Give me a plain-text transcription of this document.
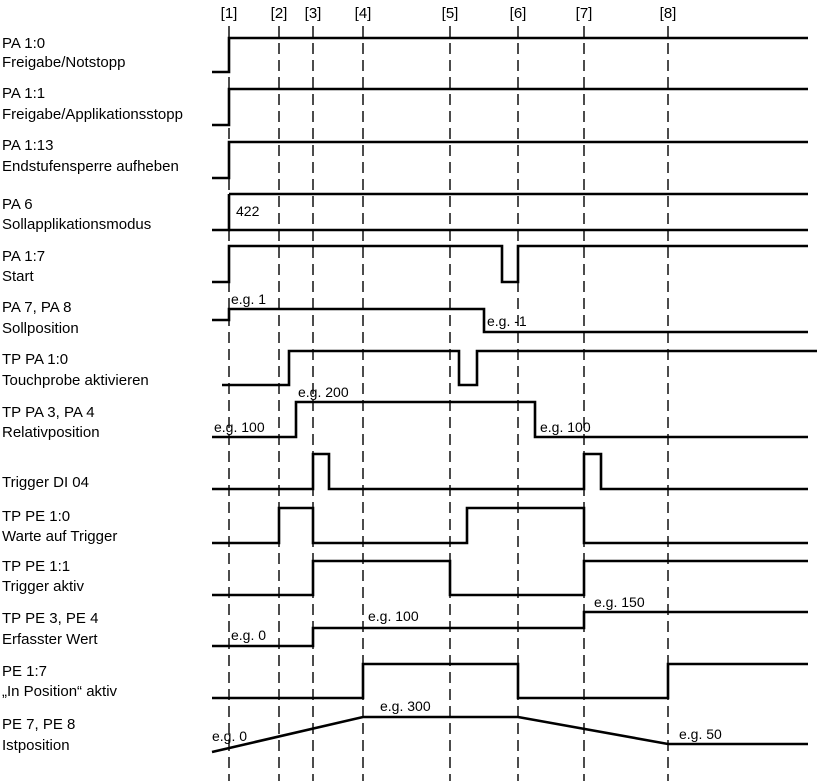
[1] [2] [3] [4]	[5]	[6]	[7]	[8]
PA 1:0
Freigabe/Notstopp
PA 1:1
Freigabe/Applikationsstopp
PA 1:13
Endstufensperre aufheben
PA 6
Sollapplikationsmodus
PA 1:7
Start
PA 7, PA 8
Sollposition
TP PA 1:0
Touchprobe aktivieren
TP PA 3, PA 4
Relativposition
Trigger DI 04
TP PE 1:0
Warte auf Trigger
TP PE 1:1
Trigger aktiv
TP PE 3, PE 4
Erfasster Wert
PE 1:7
„In Position“ aktiv
PE 7, PE 8
Istposition
422
e.g. 1
e.g. -1
e.g. 100
e.g. 200
e.g. 100
e.g. 0
e.g. 100
e.g. 150
e.g. 0
e.g. 300
e.g. 50
